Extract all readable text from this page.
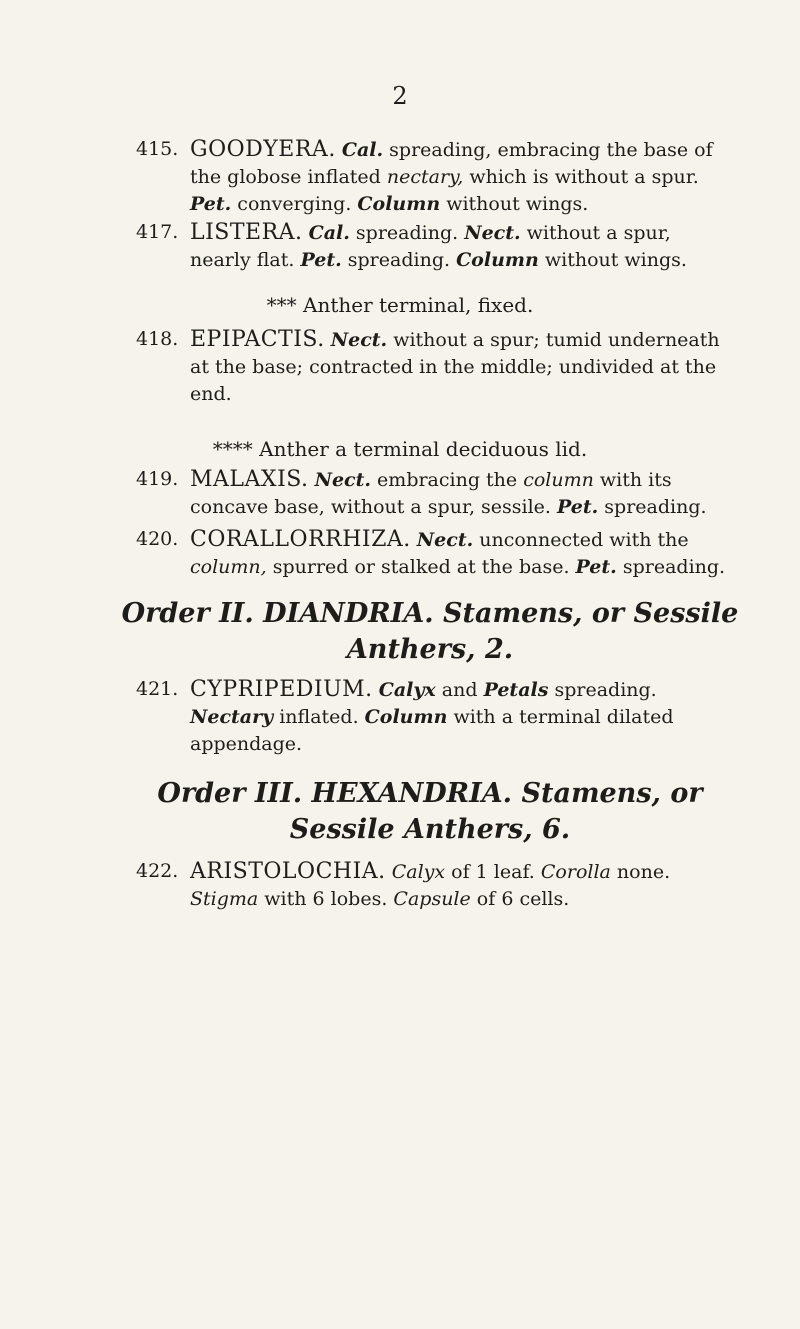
2
415. GOODYERA. Cal. spreading, embracing the base of the globose inflated nectary, which is without a spur. Pet. converging. Column without wings.
417. LISTERA. Cal. spreading. Nect. without a spur, nearly flat. Pet. spreading. Column without wings.
*** Anther terminal, fixed.
418. EPIPACTIS. Nect. without a spur; tumid underneath at the base; contracted in the middle; undivided at the end.
**** Anther a terminal deciduous lid.
419. MALAXIS. Nect. embracing the column with its concave base, without a spur, sessile. Pet. spreading.
420. CORALLORRHIZA. Nect. unconnected with the column, spurred or stalked at the base. Pet. spreading.
Order II. DIANDRIA. Stamens, or Sessile Anthers, 2.
421. CYPRIPEDIUM. Calyx and Petals spreading. Nectary inflated. Column with a terminal dilated appendage.
Order III. HEXANDRIA. Stamens, or Sessile Anthers, 6.
422. ARISTOLOCHIA. Calyx of 1 leaf. Corolla none. Stigma with 6 lobes. Capsule of 6 cells.
